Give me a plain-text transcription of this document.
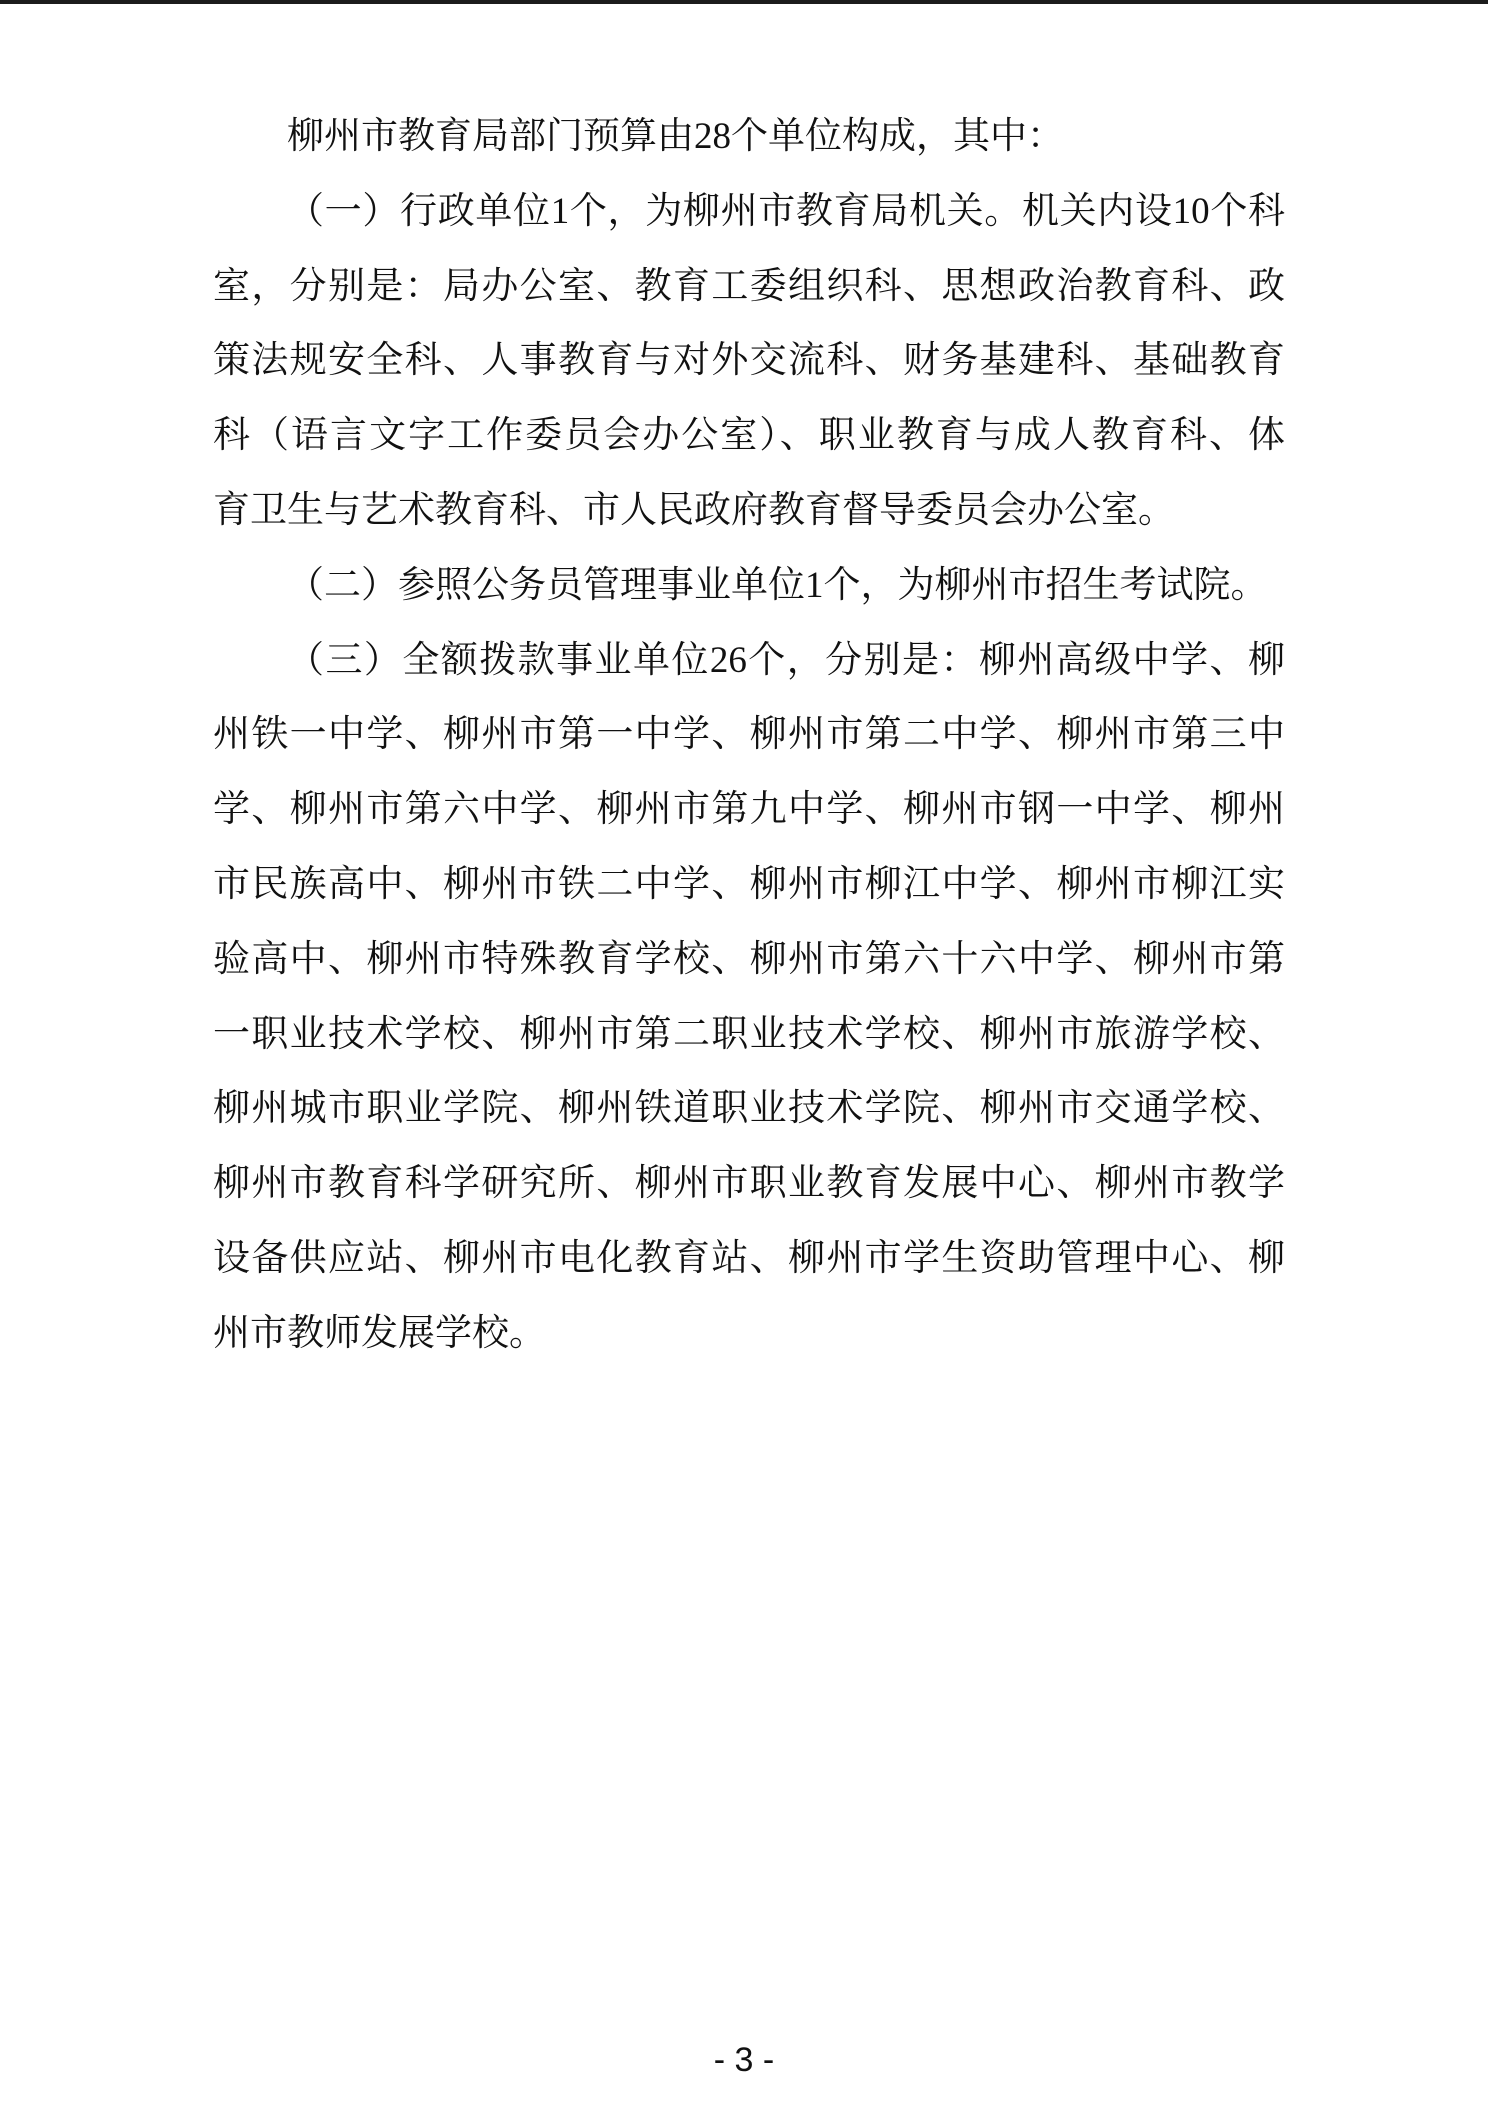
柳州市教育局部门预算由28个单位构成，其中：
（一）行政单位1个，为柳州市教育局机关。机关内设10个科
室，分别是：局办公室、教育工委组织科、思想政治教育科、政
策法规安全科、人事教育与对外交流科、财务基建科、基础教育
科（语言文字工作委员会办公室）、职业教育与成人教育科、体
育卫生与艺术教育科、市人民政府教育督导委员会办公室。
（二）参照公务员管理事业单位1个，为柳州市招生考试院。
（三）全额拨款事业单位26个，分别是：柳州高级中学、柳
州铁一中学、柳州市第一中学、柳州市第二中学、柳州市第三中
学、柳州市第六中学、柳州市第九中学、柳州市钢一中学、柳州
市民族高中、柳州市铁二中学、柳州市柳江中学、柳州市柳江实
验高中、柳州市特殊教育学校、柳州市第六十六中学、柳州市第
一职业技术学校、柳州市第二职业技术学校、柳州市旅游学校、
柳州城市职业学院、柳州铁道职业技术学院、柳州市交通学校、
柳州市教育科学研究所、柳州市职业教育发展中心、柳州市教学
设备供应站、柳州市电化教育站、柳州市学生资助管理中心、柳
州市教师发展学校。
- 3 -
